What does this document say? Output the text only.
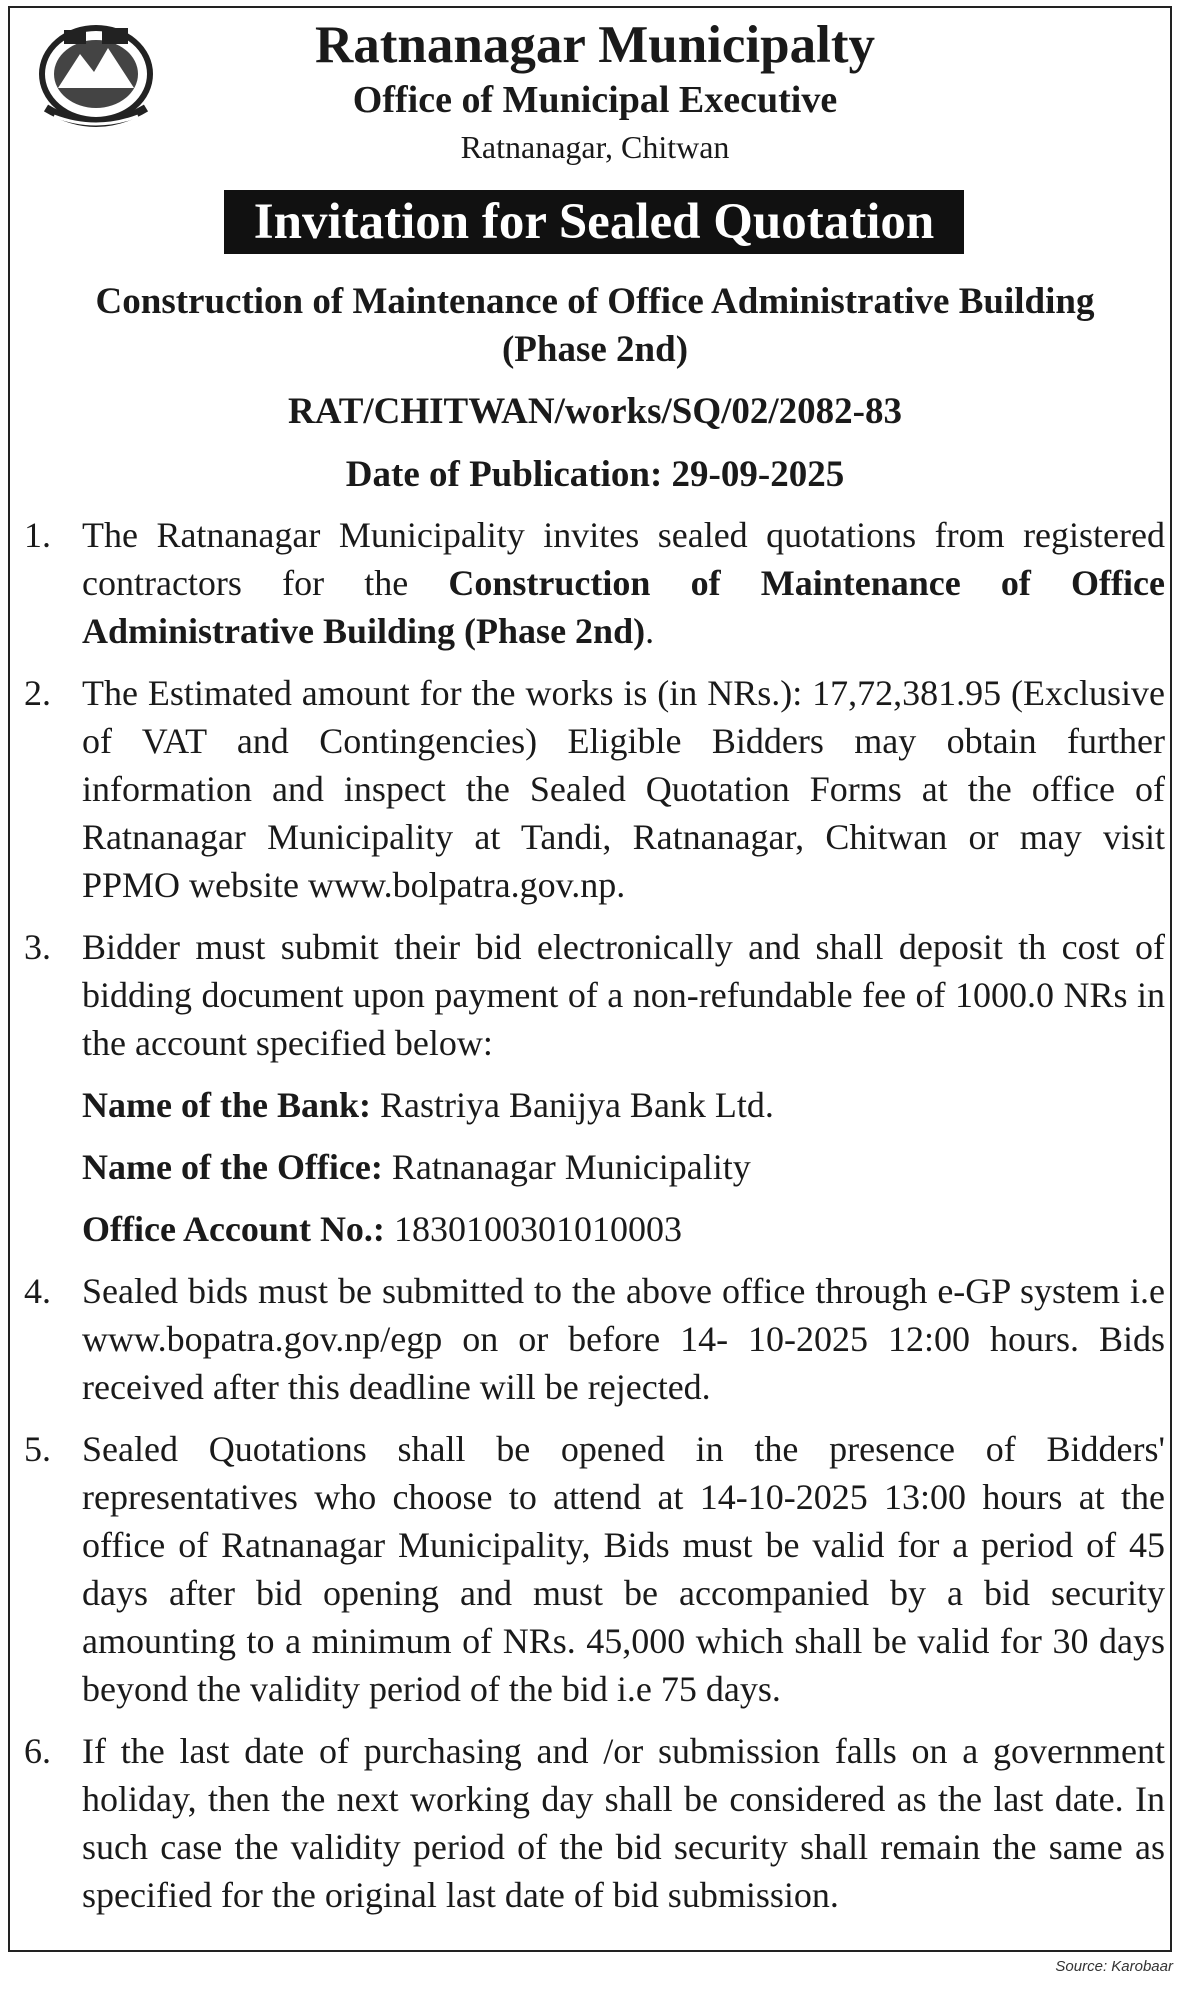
Ratnanagar Municipalty
Office of Municipal Executive
Ratnanagar, Chitwan
Invitation for Sealed Quotation
Construction of Maintenance of Office Administrative Building
(Phase 2nd)
RAT/CHITWAN/works/SQ/02/2082-83
Date of Publication: 29-09-2025
1. The Ratnanagar Municipality invites sealed quotations from registered contractors for the Construction of Maintenance of Office Administrative Building (Phase 2nd).
2. The Estimated amount for the works is (in NRs.): 17,72,381.95 (Exclusive of VAT and Contingencies) Eligible Bidders may obtain further information and inspect the Sealed Quotation Forms at the office of Ratnanagar Municipality at Tandi, Ratnanagar, Chitwan or may visit PPMO website www.bolpatra.gov.np.
3. Bidder must submit their bid electronically and shall deposit th cost of bidding document upon payment of a non-refundable fee of 1000.0 NRs in the account specified below:
Name of the Bank: Rastriya Banijya Bank Ltd.
Name of the Office: Ratnanagar Municipality
Office Account No.: 1830100301010003
4. Sealed bids must be submitted to the above office through e-GP system i.e www.bopatra.gov.np/egp on or before 14- 10-2025 12:00 hours. Bids received after this deadline will be rejected.
5. Sealed Quotations shall be opened in the presence of Bidders' representatives who choose to attend at 14-10-2025 13:00 hours at the office of Ratnanagar Municipality, Bids must be valid for a period of 45 days after bid opening and must be accompanied by a bid security amounting to a minimum of NRs. 45,000 which shall be valid for 30 days beyond the validity period of the bid i.e 75 days.
6. If the last date of purchasing and /or submission falls on a government holiday, then the next working day shall be considered as the last date. In such case the validity period of the bid security shall remain the same as specified for the original last date of bid submission.
Source: Karobaar
